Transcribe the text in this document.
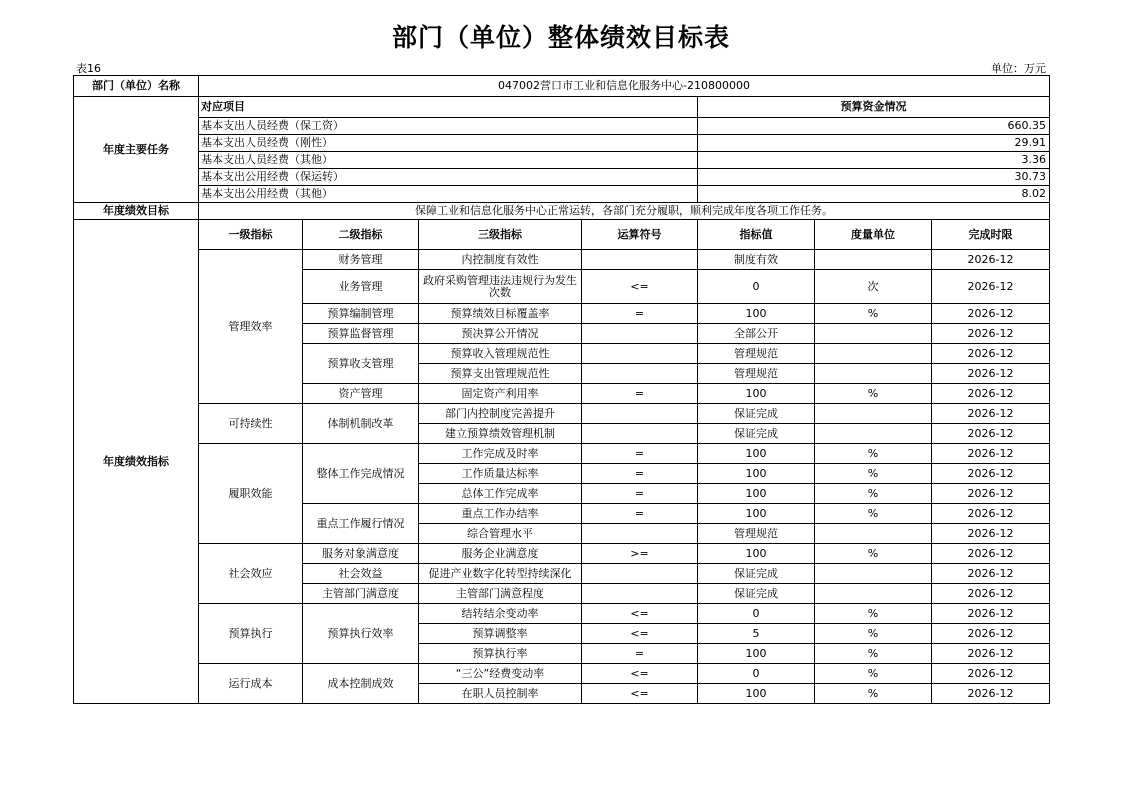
部门（单位）整体绩效目标表
表16	单位：万元
部门（单位）名称	047002营口市工业和信息化服务中心-210800000						
年度主要任务	对应项目				预算资金情况		
	基本支出人员经费（保工资）				660.35		
	基本支出人员经费（刚性）				29.91		
	基本支出人员经费（其他）				3.36		
	基本支出公用经费（保运转）				30.73		
	基本支出公用经费（其他）				8.02		
年度绩效目标	保障工业和信息化服务中心正常运转，各部门充分履职，顺利完成年度各项工作任务。						
年度绩效指标	一级指标	二级指标	三级指标	运算符号	指标值	度量单位	完成时限
	管理效率	财务管理	内控制度有效性		制度有效		2026-12
		业务管理	政府采购管理违法违规行为发生次数	<=	0	次	2026-12
		预算编制管理	预算绩效目标覆盖率	=	100	%	2026-12
		预算监督管理	预决算公开情况		全部公开		2026-12
		预算收支管理	预算收入管理规范性		管理规范		2026-12
			预算支出管理规范性		管理规范		2026-12
		资产管理	固定资产利用率	=	100	%	2026-12
	可持续性	体制机制改革	部门内控制度完善提升		保证完成		2026-12
			建立预算绩效管理机制		保证完成		2026-12
	履职效能	整体工作完成情况	工作完成及时率	=	100	%	2026-12
			工作质量达标率	=	100	%	2026-12
			总体工作完成率	=	100	%	2026-12
		重点工作履行情况	重点工作办结率	=	100	%	2026-12
			综合管理水平		管理规范		2026-12
	社会效应	服务对象满意度	服务企业满意度	>=	100	%	2026-12
		社会效益	促进产业数字化转型持续深化		保证完成		2026-12
		主管部门满意度	主管部门满意程度		保证完成		2026-12
	预算执行	预算执行效率	结转结余变动率	<=	0	%	2026-12
			预算调整率	<=	5	%	2026-12
			预算执行率	=	100	%	2026-12
	运行成本	成本控制成效	“三公”经费变动率	<=	0	%	2026-12
			在职人员控制率	<=	100	%	2026-12
